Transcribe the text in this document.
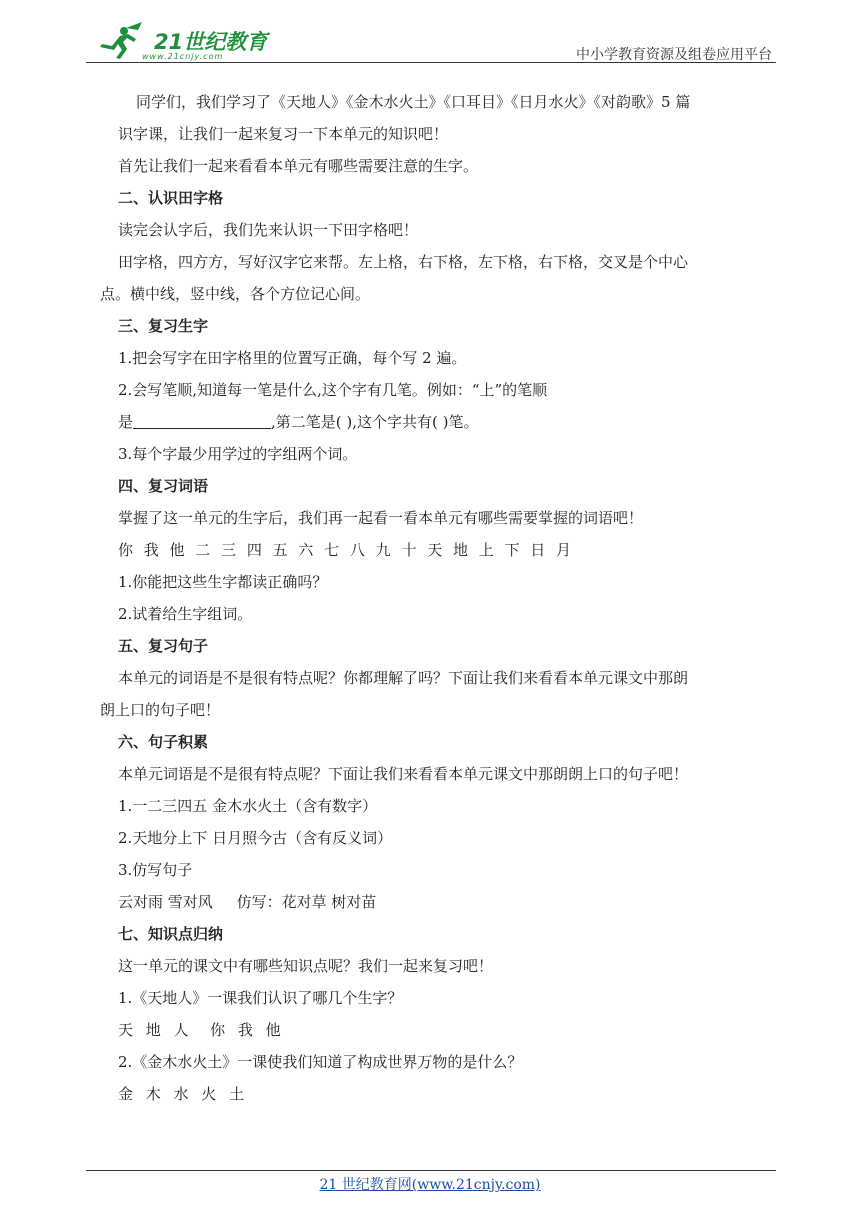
21世纪教育
www.21cnjy.com	中小学教育资源及组卷应用平台
同学们，我们学习了《天地人》《金木水火土》《口耳目》《日月水火》《对韵歌》5 篇
识字课，让我们一起来复习一下本单元的知识吧！
首先让我们一起来看看本单元有哪些需要注意的生字。
二、认识田字格
读完会认字后，我们先来认识一下田字格吧！
田字格，四方方，写好汉字它来帮。左上格，右下格，左下格，右下格，交叉是个中心
点。横中线，竖中线，各个方位记心间。
三、复习生字
1.把会写字在田字格里的位置写正确，每个写 2 遍。
2.会写笔顺,知道每一笔是什么,这个字有几笔。例如：“上”的笔顺
是	,第二笔是( ),这个字共有( )笔。
3.每个字最少用学过的字组两个词。
四、复习词语
掌握了这一单元的生字后，我们再一起看一看本单元有哪些需要掌握的词语吧！
你 我 他 二 三 四 五 六 七 八 九 十 天 地 上 下 日 月
1.你能把这些生字都读正确吗？
2.试着给生字组词。
五、复习句子
本单元的词语是不是很有特点呢？你都理解了吗？下面让我们来看看本单元课文中那朗
朗上口的句子吧！
六、句子积累
本单元词语是不是很有特点呢？下面让我们来看看本单元课文中那朗朗上口的句子吧！
1.一二三四五 金木水火土（含有数字）
2.天地分上下 日月照今古（含有反义词）
3.仿写句子
云对雨 雪对风     仿写：花对草 树对苗
七、知识点归纳
这一单元的课文中有哪些知识点呢？我们一起来复习吧！
1.《天地人》一课我们认识了哪几个生字？
天 地 人  你 我 他
2.《金木水火土》一课使我们知道了构成世界万物的是什么？
金 木 水 火 土
21 世纪教育网(www.21cnjy.com)
